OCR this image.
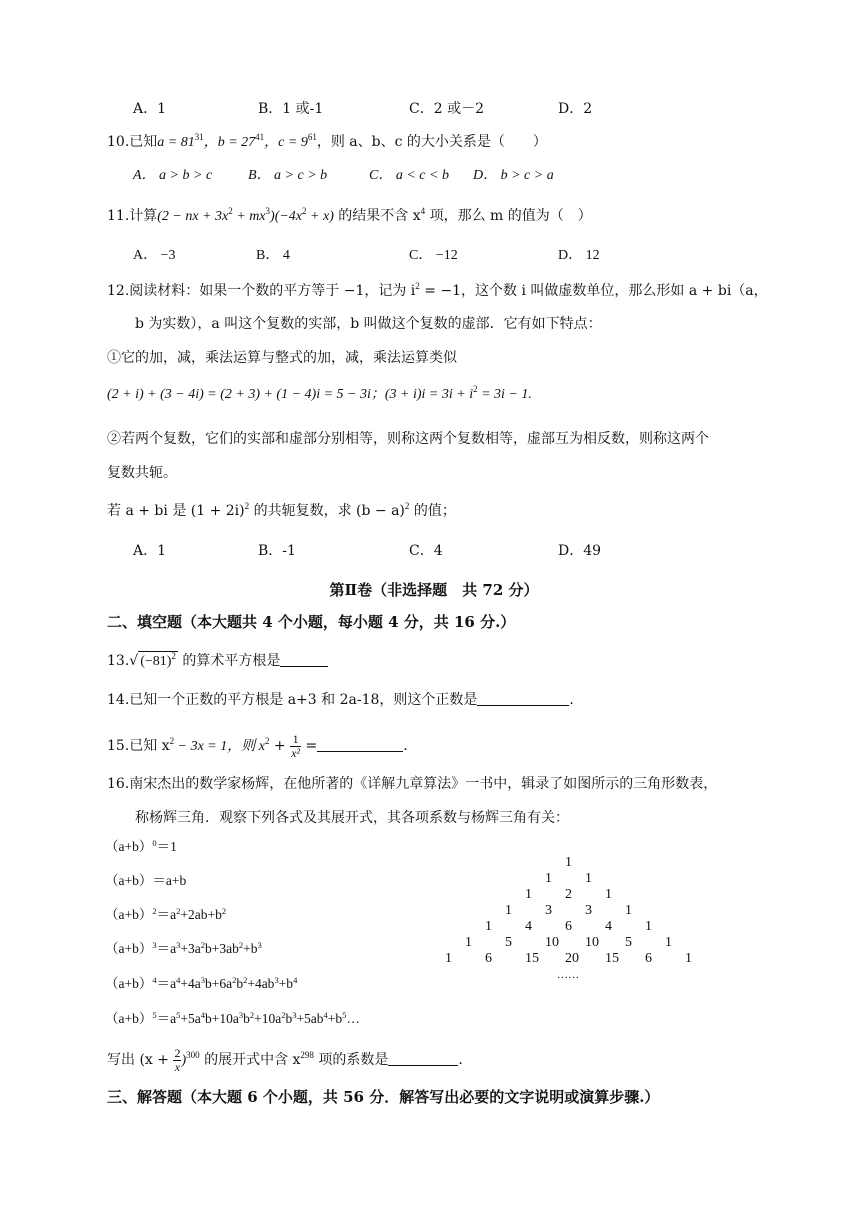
A．1	B．1 或-1	C．2 或－2	D．2
10.已知$a = 81^{31}$，$b = 27^{41}$，$c = 9^{61}$，则 a、b、c 的大小关系是（　　）
A． a > b > c	B． a > c > b	C． a < c < b D． b > c > a
11.计算(2 − nx + $3x^2 + mx^3)(-4x^2 + x)$ 的结果不含 $x^4$ 项，那么 m 的值为（　）
A． −3	B． 4	C． −12	D． 12
12.阅读材料：如果一个数的平方等于 −1，记为 $i^2 = -1$，这个数 i 叫做虚数单位，那么形如 a + bi（a，
b 为实数），a 叫这个复数的实部，b 叫做这个复数的虚部．它有如下特点：
①它的加，减，乘法运算与整式的加，减，乘法运算类似
(2 + i) + (3 − 4i) = (2 + 3) + (1 − 4)i = 5 − 3i；$(3 + i)i = 3i + i^2 = 3i - 1$.
②若两个复数，它们的实部和虚部分别相等，则称这两个复数相等，虚部互为相反数，则称这两个
复数共轭。
若 a + bi 是 $(1 + 2i)^2$ 的共轭复数，求 $(b - a)^2$ 的值；
A．1	B．-1	C．4	D．49
第Ⅱ卷（非选择题　共 72 分）
二、填空题（本大题共 4 个小题，每小题 4 分，共 16 分.）
13.√ $(-81)^2$ 的算术平方根是
14.已知一个正数的平方根是 a+3 和 2a-18，则这个正数是	.
15.已知 $x^2 - 3x = 1$，则 $x^2 + \frac{1}{\text{x²}}$ =	.
16.南宋杰出的数学家杨辉，在他所著的《详解九章算法》一书中，辑录了如图所示的三角形数表，
称杨辉三角．观察下列各式及其展开式，其各项系数与杨辉三角有关：
$(a+b)^0=1$
（a+b）＝a+b
$(a+b)^2=a^2+2ab+b^2$
$(a+b)^3=a^3+3a^2b+3ab^2+b^3$
$(a+b)^4=a^4+4a^3b+6a^2b^2+4ab^3+b^4$
$(a+b)^5=a^5+5a^4b+10a^3b^2+10a^2b^3+5ab^4+b^5\dots$
1
1 1
1 2 1
1 3 3 1
1 4 6 4 1
1 5 10 10 5 1
1 6 15 20 15 6 1
……
写出 $(x + \frac{2}{x} )^{300}$ 的展开式中含 $x^{298}$ 项的系数是	.
三、解答题（本大题 6 个小题，共 56 分．解答写出必要的文字说明或演算步骤.）
